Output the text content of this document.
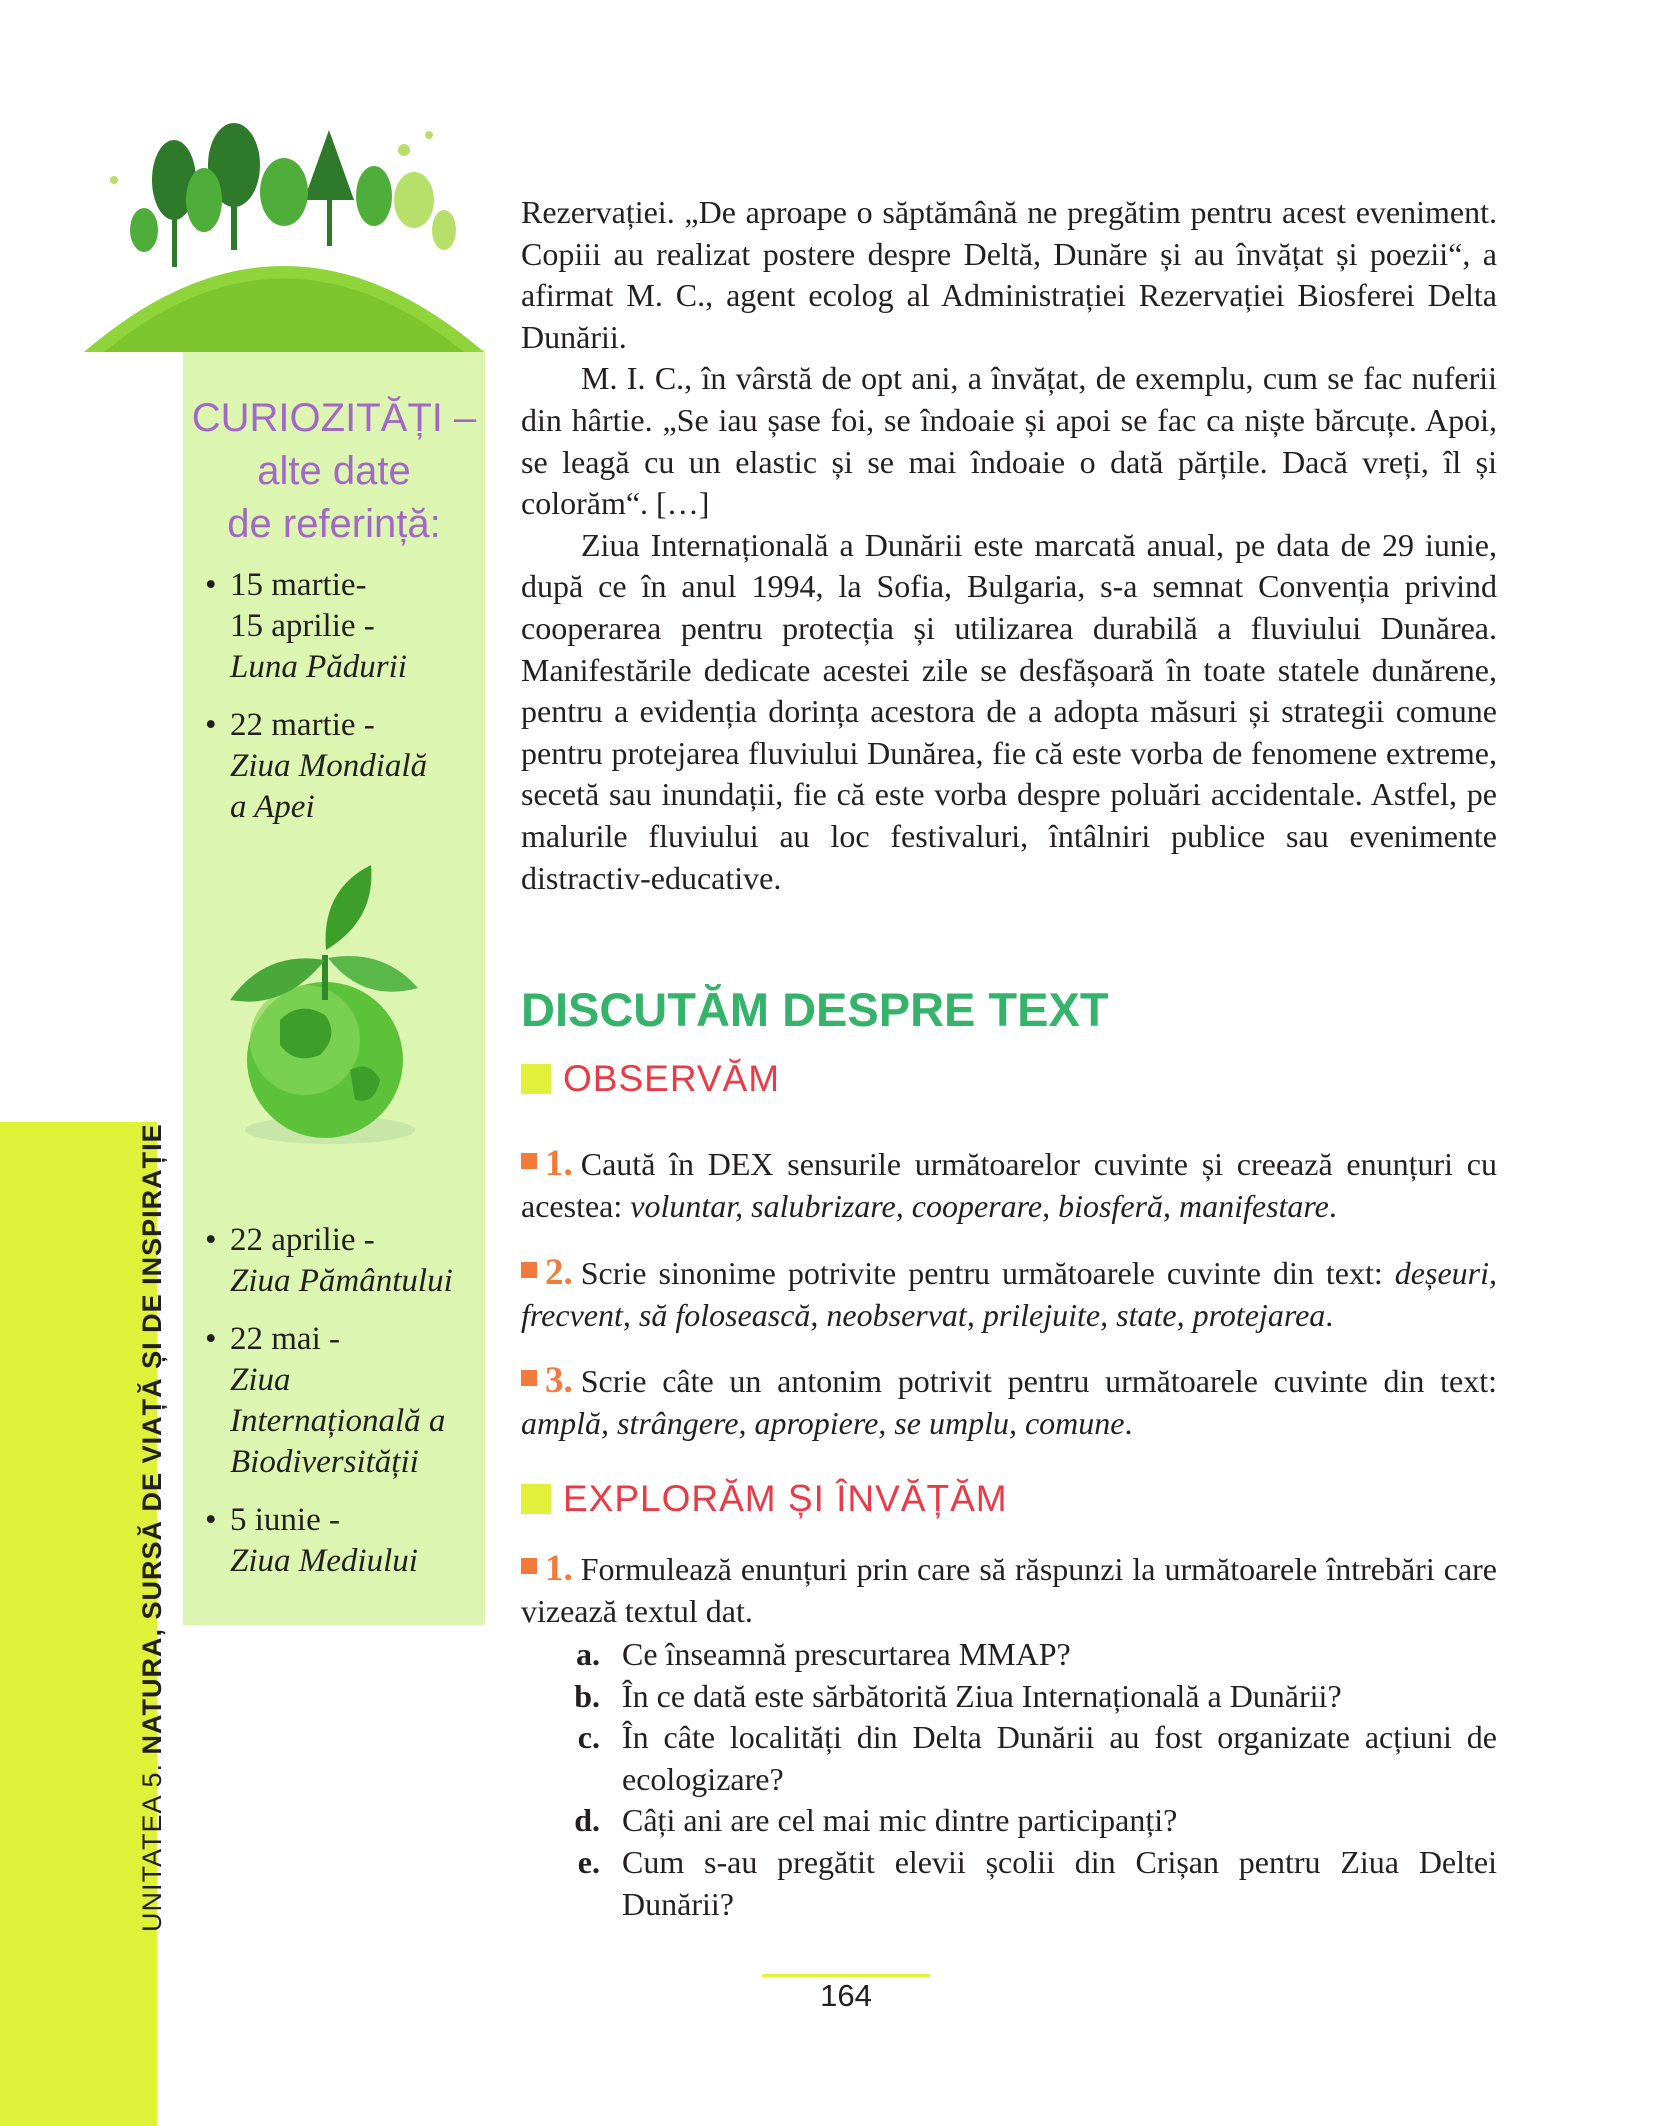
UNITATEA 5. NATURA, SURSĂ DE VIAȚĂ ȘI DE INSPIRAȚIE
CURIOZITĂȚI –
alte date
de referință:
• 15 martie-
15 aprilie -
Luna Pădurii
• 22 martie -
Ziua Mondială a Apei
• 22 aprilie -
Ziua Pământului
• 22 mai -
Ziua Internațională a Biodiversității
• 5 iunie -
Ziua Mediului

Rezervației. „De aproape o săptămână ne pregătim pentru acest eveniment. Copiii au realizat postere despre Deltă, Dunăre și au învățat și poezii“, a afirmat M. C., agent ecolog al Administrației Rezervației Biosferei Delta Dunării.

M. I. C., în vârstă de opt ani, a învățat, de exemplu, cum se fac nuferii din hârtie. „Se iau șase foi, se îndoaie și apoi se fac ca niște bărcuțe. Apoi, se leagă cu un elastic și se mai îndoaie o dată părțile. Dacă vreți, îl și colorăm“. […]

Ziua Internațională a Dunării este marcată anual, pe data de 29 iunie, după ce în anul 1994, la Sofia, Bulgaria, s-a semnat Convenția privind cooperarea pentru protecția și utilizarea durabilă a fluviului Dunărea. Manifestările dedicate acestei zile se desfășoară în toate statele dunărene, pentru a evidenția dorința acestora de a adopta măsuri și strategii comune pentru protejarea fluviului Dunărea, fie că este vorba de fenomene extreme, secetă sau inundații, fie că este vorba despre poluări accidentale. Astfel, pe malurile fluviului au loc festivaluri, întâlniri publice sau evenimente distractiv-educative.

DISCUTĂM DESPRE TEXT
OBSERVĂM
1. Caută în DEX sensurile următoarelor cuvinte și creează enunțuri cu acestea: voluntar, salubrizare, cooperare, biosferă, manifestare.
2. Scrie sinonime potrivite pentru următoarele cuvinte din text: deșeuri, frecvent, să folosească, neobservat, prilejuite, state, protejarea.
3. Scrie câte un antonim potrivit pentru următoarele cuvinte din text: amplă, strângere, apropiere, se umplu, comune.
EXPLORĂM ȘI ÎNVĂȚĂM
1. Formulează enunțuri prin care să răspunzi la următoarele întrebări care vizează textul dat.
a. Ce înseamnă prescurtarea MMAP?
b. În ce dată este sărbătorită Ziua Internațională a Dunării?
c. În câte localități din Delta Dunării au fost organizate acțiuni de ecologizare?
d. Câți ani are cel mai mic dintre participanți?
e. Cum s-au pregătit elevii școlii din Crișan pentru Ziua Deltei Dunării?
164
